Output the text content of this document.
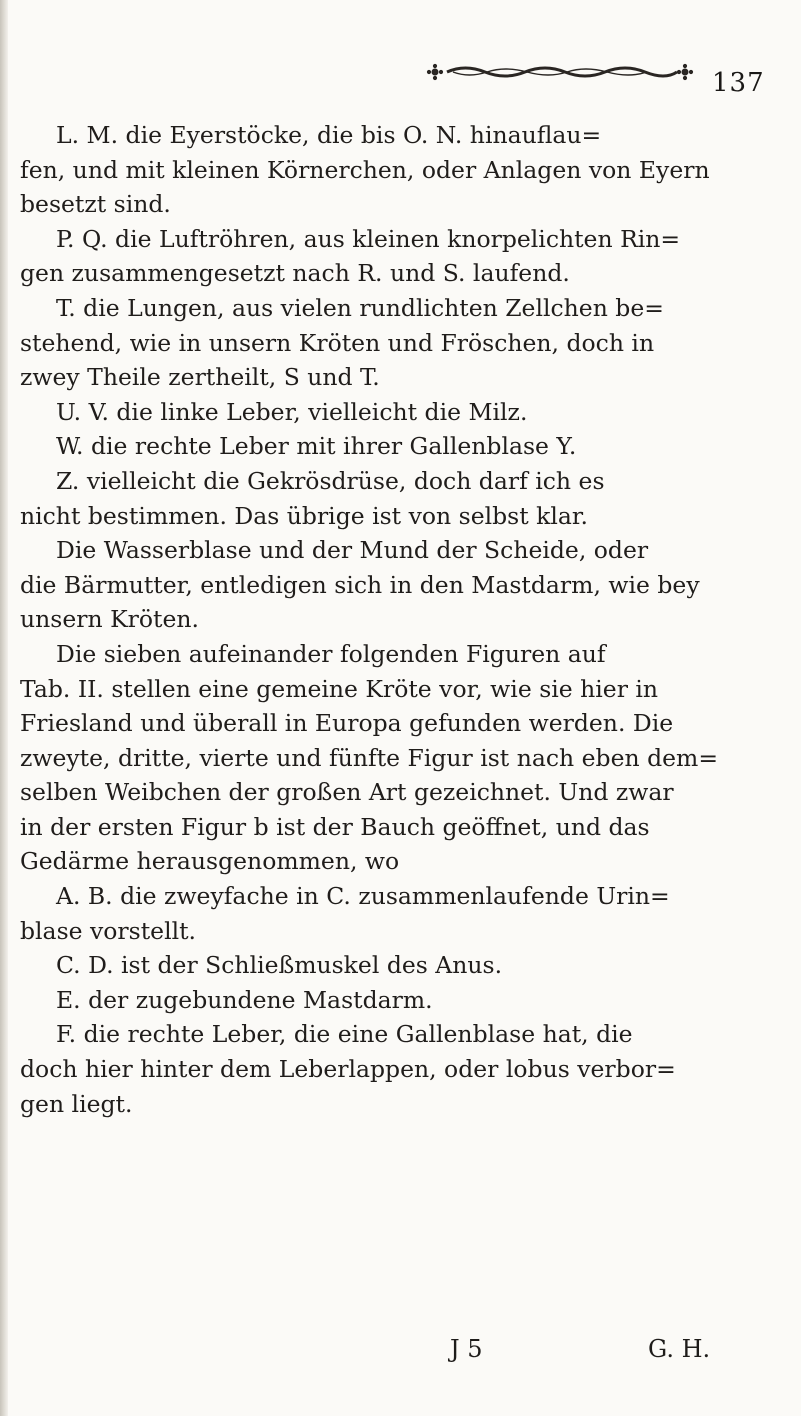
137

L. M. die Eyerstöcke, die bis O. N. hinauflau=

fen, und mit kleinen Körnerchen, oder Anlagen von Eyern

besetzt sind.

P. Q. die Luftröhren, aus kleinen knorpelichten Rin=

gen zusammengesetzt nach R. und S. laufend.

T. die Lungen, aus vielen rundlichten Zellchen be=

stehend, wie in unsern Kröten und Fröschen, doch in

zwey Theile zertheilt, S und T.

U. V. die linke Leber, vielleicht die Milz.

W. die rechte Leber mit ihrer Gallenblase Y.

Z. vielleicht die Gekrösdrüse, doch darf ich es

nicht bestimmen. Das übrige ist von selbst klar.

Die Wasserblase und der Mund der Scheide, oder

die Bärmutter, entledigen sich in den Mastdarm, wie bey

unsern Kröten.

Die sieben aufeinander folgenden Figuren auf

Tab. II. stellen eine gemeine Kröte vor, wie sie hier in

Friesland und überall in Europa gefunden werden. Die

zweyte, dritte, vierte und fünfte Figur ist nach eben dem=

selben Weibchen der großen Art gezeichnet. Und zwar

in der ersten Figur b ist der Bauch geöffnet, und das

Gedärme herausgenommen, wo

A. B. die zweyfache in C. zusammenlaufende Urin=

blase vorstellt.

C. D. ist der Schließmuskel des Anus.

E. der zugebundene Mastdarm.

F. die rechte Leber, die eine Gallenblase hat, die

doch hier hinter dem Leberlappen, oder lobus verbor=

gen liegt.

J 5	G. H.
